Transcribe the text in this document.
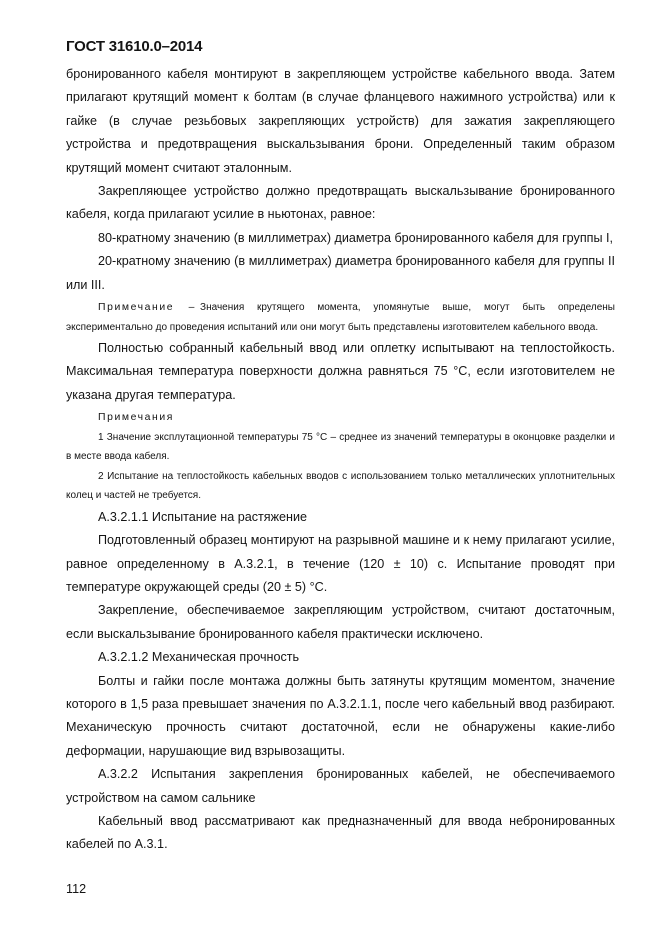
ГОСТ 31610.0–2014

бронированного кабеля монтируют в закрепляющем устройстве кабельного ввода. Затем прилагают крутящий момент к болтам (в случае фланцевого нажимного устройства) или к гайке (в случае резьбовых закрепляющих устройств) для зажатия закрепляющего устройства и предотвращения выскальзывания брони. Определенный таким образом крутящий момент считают эталонным.

Закрепляющее устройство должно предотвращать выскальзывание бронированного кабеля, когда прилагают усилие в ньютонах, равное:

80-кратному значению (в миллиметрах) диаметра бронированного кабеля для группы I,

20-кратному значению (в миллиметрах) диаметра бронированного кабеля для группы II или III.

Примечание – Значения крутящего момента, упомянутые выше, могут быть определены экспериментально до проведения испытаний или они могут быть представлены изготовителем кабельного ввода.

Полностью собранный кабельный ввод или оплетку испытывают на теплостойкость. Максимальная температура поверхности должна равняться 75 °С, если изготовителем не указана другая температура.

Примечания

1 Значение эксплутационной температуры 75 °С – среднее из значений температуры в оконцовке разделки и в месте ввода кабеля.

2 Испытание на теплостойкость кабельных вводов с использованием только металлических уплотнительных колец и частей не требуется.

А.3.2.1.1 Испытание на растяжение

Подготовленный образец монтируют на разрывной машине и к нему прилагают усилие, равное определенному в А.3.2.1, в течение (120 ± 10) с. Испытание проводят при температуре окружающей среды (20 ± 5) °С.

Закрепление, обеспечиваемое закрепляющим устройством, считают достаточным, если выскальзывание бронированного кабеля практически исключено.

А.3.2.1.2 Механическая прочность

Болты и гайки после монтажа должны быть затянуты крутящим моментом, значение которого в 1,5 раза превышает значения по А.3.2.1.1, после чего кабельный ввод разбирают. Механическую прочность считают достаточной, если не обнаружены какие-либо деформации, нарушающие вид взрывозащиты.

А.3.2.2 Испытания закрепления бронированных кабелей, не обеспечиваемого устройством на самом сальнике

Кабельный ввод рассматривают как предназначенный для ввода небронированных кабелей по А.3.1.

112
